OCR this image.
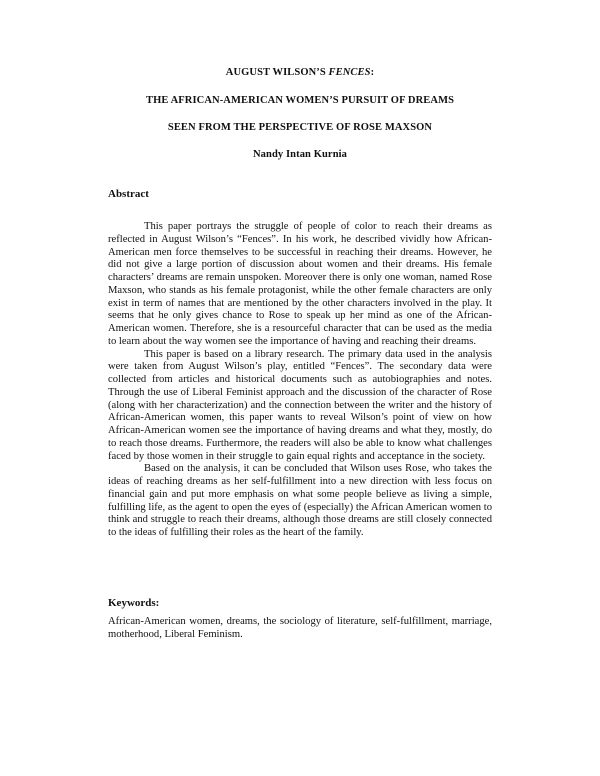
AUGUST WILSON’S FENCES:
THE AFRICAN-AMERICAN WOMEN’S PURSUIT OF DREAMS
SEEN FROM THE PERSPECTIVE OF ROSE MAXSON
Nandy Intan Kurnia
Abstract

This paper portrays the struggle of people of color to reach their dreams as reflected in August Wilson’s “Fences”. In his work, he described vividly how African-American men force themselves to be successful in reaching their dreams. However, he did not give a large portion of discussion about women and their dreams. His female characters’ dreams are remain unspoken. Moreover there is only one woman, named Rose Maxson, who stands as his female protagonist, while the other female characters are only exist in term of names that are mentioned by the other characters involved in the play. It seems that he only gives chance to Rose to speak up her mind as one of the African-American women. Therefore, she is a resourceful character that can be used as the media to learn about the way women see the importance of having and reaching their dreams.

This paper is based on a library research. The primary data used in the analysis were taken from August Wilson’s play, entitled “Fences”. The secondary data were collected from articles and historical documents such as autobiographies and notes. Through the use of Liberal Feminist approach and the discussion of the character of Rose (along with her characterization) and the connection between the writer and the history of African-American women, this paper wants to reveal Wilson’s point of view on how African-American women see the importance of having dreams and what they, mostly, do to reach those dreams. Furthermore, the readers will also be able to know what challenges faced by those women in their struggle to gain equal rights and acceptance in the society.

Based on the analysis, it can be concluded that Wilson uses Rose, who takes the ideas of reaching dreams as her self-fulfillment into a new direction with less focus on financial gain and put more emphasis on what some people believe as living a simple, fulfilling life, as the agent to open the eyes of (especially) the African American women to think and struggle to reach their dreams, although those dreams are still closely connected to the ideas of fulfilling their roles as the heart of the family.

Keywords:

African-American women, dreams, the sociology of literature, self-fulfillment, marriage, motherhood, Liberal Feminism.
